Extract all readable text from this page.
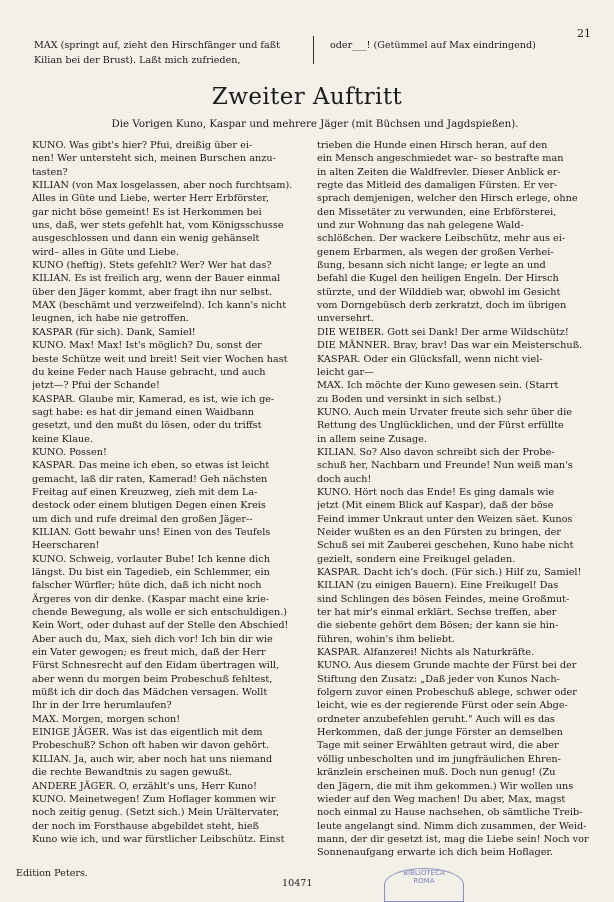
21
MAX (springt auf, zieht den Hirschfänger und faßt
Kilian bei der Brust). Laßt mich zufrieden,
oder___! (Getümmel auf Max eindringend)
Zweiter Auftritt
Die Vorigen Kuno, Kaspar und mehrere Jäger (mit Büchsen und Jagdspießen).
KUNO. Was gibt's hier? Pfui, dreißig über ei-
nen! Wer untersteht sich, meinen Burschen anzu-
tasten?
KILIAN (von Max losgelassen, aber noch furchtsam).
Alles in Güte und Liebe, werter Herr Erbförster,
gar nicht böse gemeint! Es ist Herkommen bei
uns, daß, wer stets gefehlt hat, vom Königsschusse
ausgeschlossen und dann ein wenig gehänselt
wird– alles in Güte und Liebe.
KUNO (heftig). Stets gefehlt? Wer? Wer hat das?
KILIAN. Es ist freilich arg, wenn der Bauer einmal
über den Jäger kommt, aber fragt ihn nur selbst.
MAX (beschämt und verzweifelnd). Ich kann's nicht
leugnen, ich habe nie getroffen.
KASPAR (für sich). Dank, Samiel!
KUNO. Max! Max! Ist's möglich? Du, sonst der
beste Schütze weit und breit! Seit vier Wochen hast
du keine Feder nach Hause gebracht, und auch
jetzt—? Pfui der Schande!
KASPAR. Glaube mir, Kamerad, es ist, wie ich ge-
sagt habe: es hat dir jemand einen Waidbann
gesetzt, und den mußt du lösen, oder du triffst
keine Klaue.
KUNO. Possen!
KASPAR. Das meine ich eben, so etwas ist leicht
gemacht, laß dir raten, Kamerad! Geh nächsten
Freitag auf einen Kreuzweg, zieh mit dem La-
destock oder einem blutigen Degen einen Kreis
um dich und rufe dreimal den großen Jäger--
KILIAN. Gott bewahr uns! Einen von des Teufels
Heerscharen!
KUNO. Schweig, vorlauter Bube! Ich kenne dich
längst. Du bist ein Tagedieb, ein Schlemmer, ein
falscher Würfler; hüte dich, daß ich nicht noch
Ärgeres von dir denke. (Kaspar macht eine krie-
chende Bewegung, als wolle er sich entschuldigen.)
Kein Wort, oder duhast auf der Stelle den Abschied!
Aber auch du, Max, sieh dich vor! Ich bin dir wie
ein Vater gewogen; es freut mich, daß der Herr
Fürst Schnesrecht auf den Eidam übertragen will,
aber wenn du morgen beim Probeschuß fehltest,
müßt ich dir doch das Mädchen versagen. Wollt
Ihr in der Irre herumlaufen?
MAX. Morgen, morgen schon!
EINIGE JÄGER. Was ist das eigentlich mit dem
Probeschuß? Schon oft haben wir davon gehört.
KILIAN. Ja, auch wir, aber noch hat uns niemand
die rechte Bewandtnis zu sagen gewußt.
ANDERE JÄGER. O, erzählt's uns, Herr Kuno!
KUNO. Meinetwegen! Zum Hoflager kommen wir
noch zeitig genug. (Setzt sich.) Mein Urältervater,
der noch im Forsthause abgebildet steht, hieß
Kuno wie ich, und war fürstlicher Leibschütz. Einst
trieben die Hunde einen Hirsch heran, auf den
ein Mensch angeschmiedet war– so bestrafte man
in alten Zeiten die Waldfrevler. Dieser Anblick er-
regte das Mitleid des damaligen Fürsten. Er ver-
sprach demjenigen, welcher den Hirsch erlege, ohne
den Missetäter zu verwunden, eine Erbförsterei,
und zur Wohnung das nah gelegene Wald-
schlößchen. Der wackere Leibschütz, mehr aus ei-
genem Erbarmen, als wegen der großen Verhei-
ßung, besann sich nicht lange; er legte an und
befahl die Kugel den heiligen Engeln. Der Hirsch
stürzte, und der Wilddieb war, obwohl im Gesicht
vom Dorngebüsch derb zerkratzt, doch im übrigen
unversehrt.
DIE WEIBER. Gott sei Dank! Der arme Wildschütz!
DIE MÄNNER. Brav, brav! Das war ein Meisterschuß.
KASPAR. Oder ein Glücksfall, wenn nicht viel-
leicht gar—
MAX. Ich möchte der Kuno gewesen sein. (Starrt
zu Boden und versinkt in sich selbst.)
KUNO. Auch mein Urvater freute sich sehr über die
Rettung des Unglücklichen, und der Fürst erfüllte
in allem seine Zusage.
KILIAN. So? Also davon schreibt sich der Probe-
schuß her, Nachbarn und Freunde! Nun weiß man's
doch auch!
KUNO. Hört noch das Ende! Es ging damals wie
jetzt (Mit einem Blick auf Kaspar), daß der böse
Feind immer Unkraut unter den Weizen säet. Kunos
Neider wußten es an den Fürsten zu bringen, der
Schuß sei mit Zauberei geschehen, Kuno habe nicht
gezielt, sondern eine Freikugel geladen.
KASPAR. Dacht ich's doch. (Für sich.) Hilf zu, Samiel!
KILIAN (zu einigen Bauern). Eine Freikugel! Das
sind Schlingen des bösen Feindes, meine Großmut-
ter hat mir's einmal erklärt. Sechse treffen, aber
die siebente gehört dem Bösen; der kann sie hin-
führen, wohin's ihm beliebt.
KASPAR. Alfanzerei! Nichts als Naturkräfte.
KUNO. Aus diesem Grunde machte der Fürst bei der
Stiftung den Zusatz: „Daß jeder von Kunos Nach-
folgern zuvor einen Probeschuß ablege, schwer oder
leicht, wie es der regierende Fürst oder sein Abge-
ordneter anzubefehlen geruht." Auch will es das
Herkommen, daß der junge Förster an demselben
Tage mit seiner Erwählten getraut wird, die aber
völlig unbescholten und im jungfräulichen Ehren-
kränzlein erscheinen muß. Doch nun genug! (Zu
den Jägern, die mit ihm gekommen.) Wir wollen uns
wieder auf den Weg machen! Du aber, Max, magst
noch einmal zu Hause nachsehen, ob sämtliche Treib-
leute angelangt sind. Nimm dich zusammen, der Weid-
mann, der dir gesetzt ist, mag die Liebe sein! Noch vor
Sonnenaufgang erwarte ich dich beim Hoflager.
Edition Peters.
10471
BIBLIOTECA
ROMA
